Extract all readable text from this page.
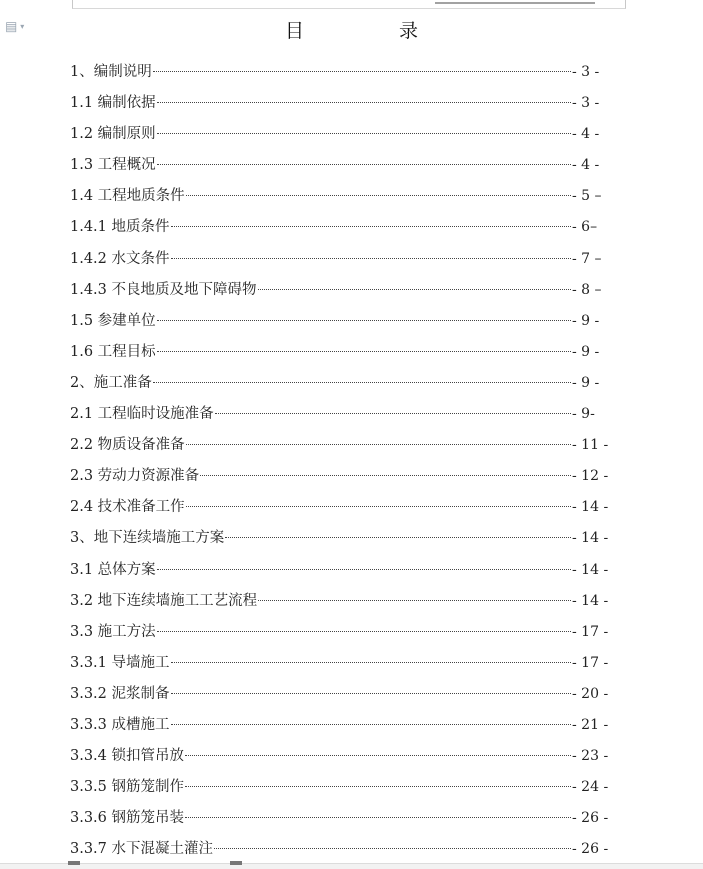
▤ ▾	目　录
1、编制说明	- 3 -
1.1 编制依据	- 3 -
1.2 编制原则	- 4 -
1.3 工程概况	- 4 -
1.4 工程地质条件	- 5 –
1.4.1 地质条件	- 6–
1.4.2 水文条件	- 7 –
1.4.3 不良地质及地下障碍物	- 8 –
1.5 参建单位	- 9 -
1.6 工程目标	- 9 -
2、施工准备	- 9 -
2.1 工程临时设施准备	- 9-
2.2 物质设备准备	- 11 -
2.3 劳动力资源准备	- 12 -
2.4 技术准备工作	- 14 -
3、地下连续墙施工方案	- 14 -
3.1 总体方案	- 14 -
3.2 地下连续墙施工工艺流程	- 14 -
3.3 施工方法	- 17 -
3.3.1 导墙施工	- 17 -
3.3.2 泥浆制备	- 20 -
3.3.3 成槽施工	- 21 -
3.3.4 锁扣管吊放	- 23 -
3.3.5 钢筋笼制作	- 24 -
3.3.6 钢筋笼吊装	- 26 -
3.3.7 水下混凝土灌注	- 26 -
